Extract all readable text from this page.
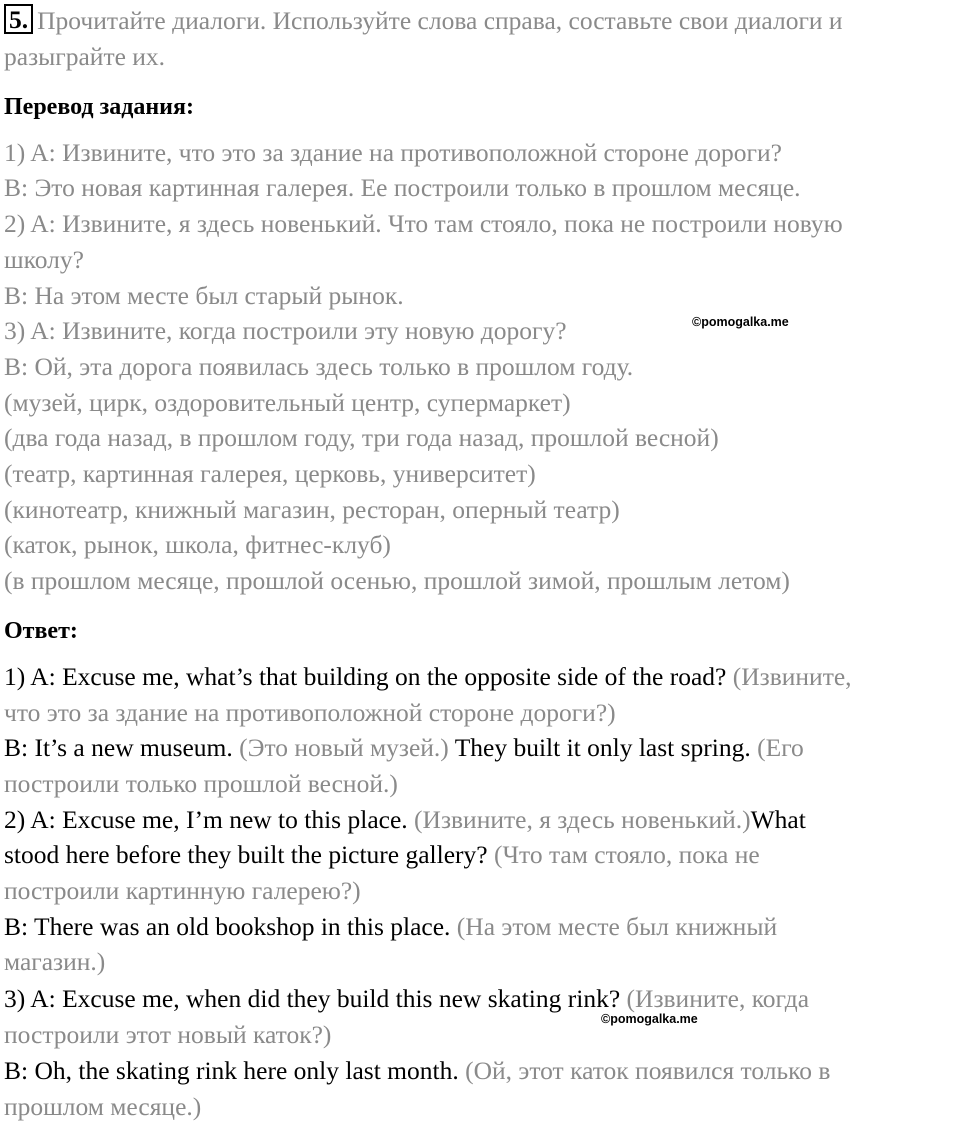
5. Прочитайте диалоги. Используйте слова справа, составьте свои диалоги и
разыграйте их.
Перевод задания:
1) A: Извините, что это за здание на противоположной стороне дороги?
B: Это новая картинная галерея. Ее построили только в прошлом месяце.
2) A: Извините, я здесь новенький. Что там стояло, пока не построили новую
школу?
B: На этом месте был старый рынок.
3) A: Извините, когда построили эту новую дорогу?
B: Ой, эта дорога появилась здесь только в прошлом году.
(музей, цирк, оздоровительный центр, супермаркет)
(два года назад, в прошлом году, три года назад, прошлой весной)
(театр, картинная галерея, церковь, университет)
(кинотеатр, книжный магазин, ресторан, оперный театр)
(каток, рынок, школа, фитнес-клуб)
(в прошлом месяце, прошлой осенью, прошлой зимой, прошлым летом)
Ответ:
1) A: Excuse me, what’s that building on the opposite side of the road? (Извините,
что это за здание на противоположной стороне дороги?)
B: It’s a new museum. (Это новый музей.) They built it only last spring. (Его
построили только прошлой весной.)
2) A: Excuse me, I’m new to this place. (Извините, я здесь новенький.)What
stood here before they built the picture gallery? (Что там стояло, пока не
построили картинную галерею?)
B: There was an old bookshop in this place. (На этом месте был книжный
магазин.)
3) A: Excuse me, when did they build this new skating rink? (Извините, когда
построили этот новый каток?)
B: Oh, the skating rink here only last month. (Ой, этот каток появился только в
прошлом месяце.)
©pomogalka.me
©pomogalka.me
